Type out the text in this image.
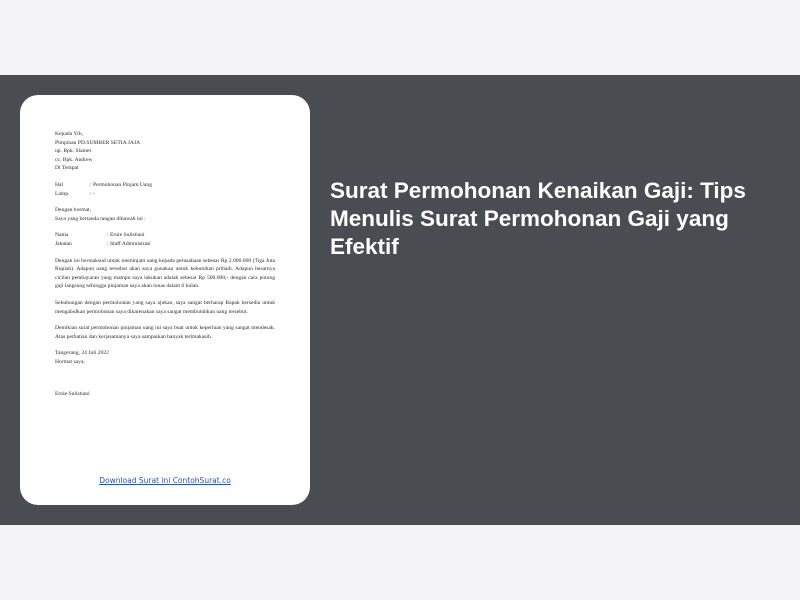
Kepada Yth,
Pimpinan PD.SUMBER SETIA JAJA
up. Bpk. Slamet
cc. Bpk. Andrew
Di Tempat
Hal	: Permohonan Pinjam Uang
Lamp.	: -
Dengan hormat,
Saya yang bertanda tangan dibawah ini :
Nama	: Ernie Sulistiani
Jabatan	: Staff Administrasi
Dengan ini bermaksud untuk meminjam uang kepada perusahaan sebesar Rp 3.000.000 (Tiga Juta Rupiah). Adapun uang tersebut akan saya gunakan untuk kebutuhan pribadi. Adapun besarnya cicilan pembayaran yang mampu saya lakukan adalah sebesar Rp 500.000,- dengan cara potong gaji langsung sehingga pinjaman saya akan lunas dalam 6 bulan.
Sehubungan dengan permohonan yang saya ajukan, saya sangat berharap Bapak bersedia untuk mengabulkan permohonan saya dikarenakan saya sangat membutuhkan uang tersebut.
Demikian surat permohonan pinjaman uang ini saya buat untuk keperluan yang sangat mendesak. Atas perhatian dan kerjasamanya saya sampaikan banyak terimakasih.
Tangerang, 24 Juli 2022
Hormat saya,
Ernie Sulistiani
Download Surat ini ContohSurat.co
Surat Permohonan Kenaikan Gaji: Tips Menulis Surat Permohonan Gaji yang Efektif
